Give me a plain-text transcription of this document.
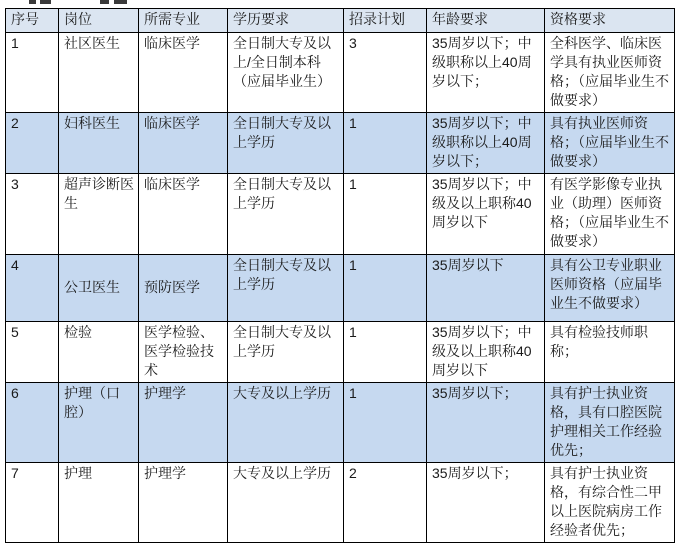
序号	岗位	所需专业	学历要求	招录计划	年龄要求	资格要求
1	社区医生	临床医学	全日制大专及以上/全日制本科（应届毕业生）	3	35周岁以下；中级职称以上40周岁以下；	全科医学、临床医学具有执业医师资格；（应届毕业生不做要求）
2	妇科医生	临床医学	全日制大专及以上学历	1	35周岁以下；中级职称以上40周岁以下；	具有执业医师资格；（应届毕业生不做要求）
3	超声诊断医生	临床医学	全日制大专及以上学历	1	35周岁以下；中级及以上职称40周岁以下	有医学影像专业执业（助理）医师资格；（应届毕业生不做要求）
4	公卫医生	预防医学	全日制大专及以上学历	1	35周岁以下	具有公卫专业职业医师资格（应届毕业生不做要求）
5	检验	医学检验、医学检验技术	全日制大专及以上学历	1	35周岁以下；中级及以上职称40周岁以下	具有检验技师职称；
6	护理（口腔）	护理学	大专及以上学历	1	35周岁以下；	具有护士执业资格，具有口腔医院护理相关工作经验优先；
7	护理	护理学	大专及以上学历	2	35周岁以下；	具有护士执业资格，有综合性二甲以上医院病房工作经验者优先；
